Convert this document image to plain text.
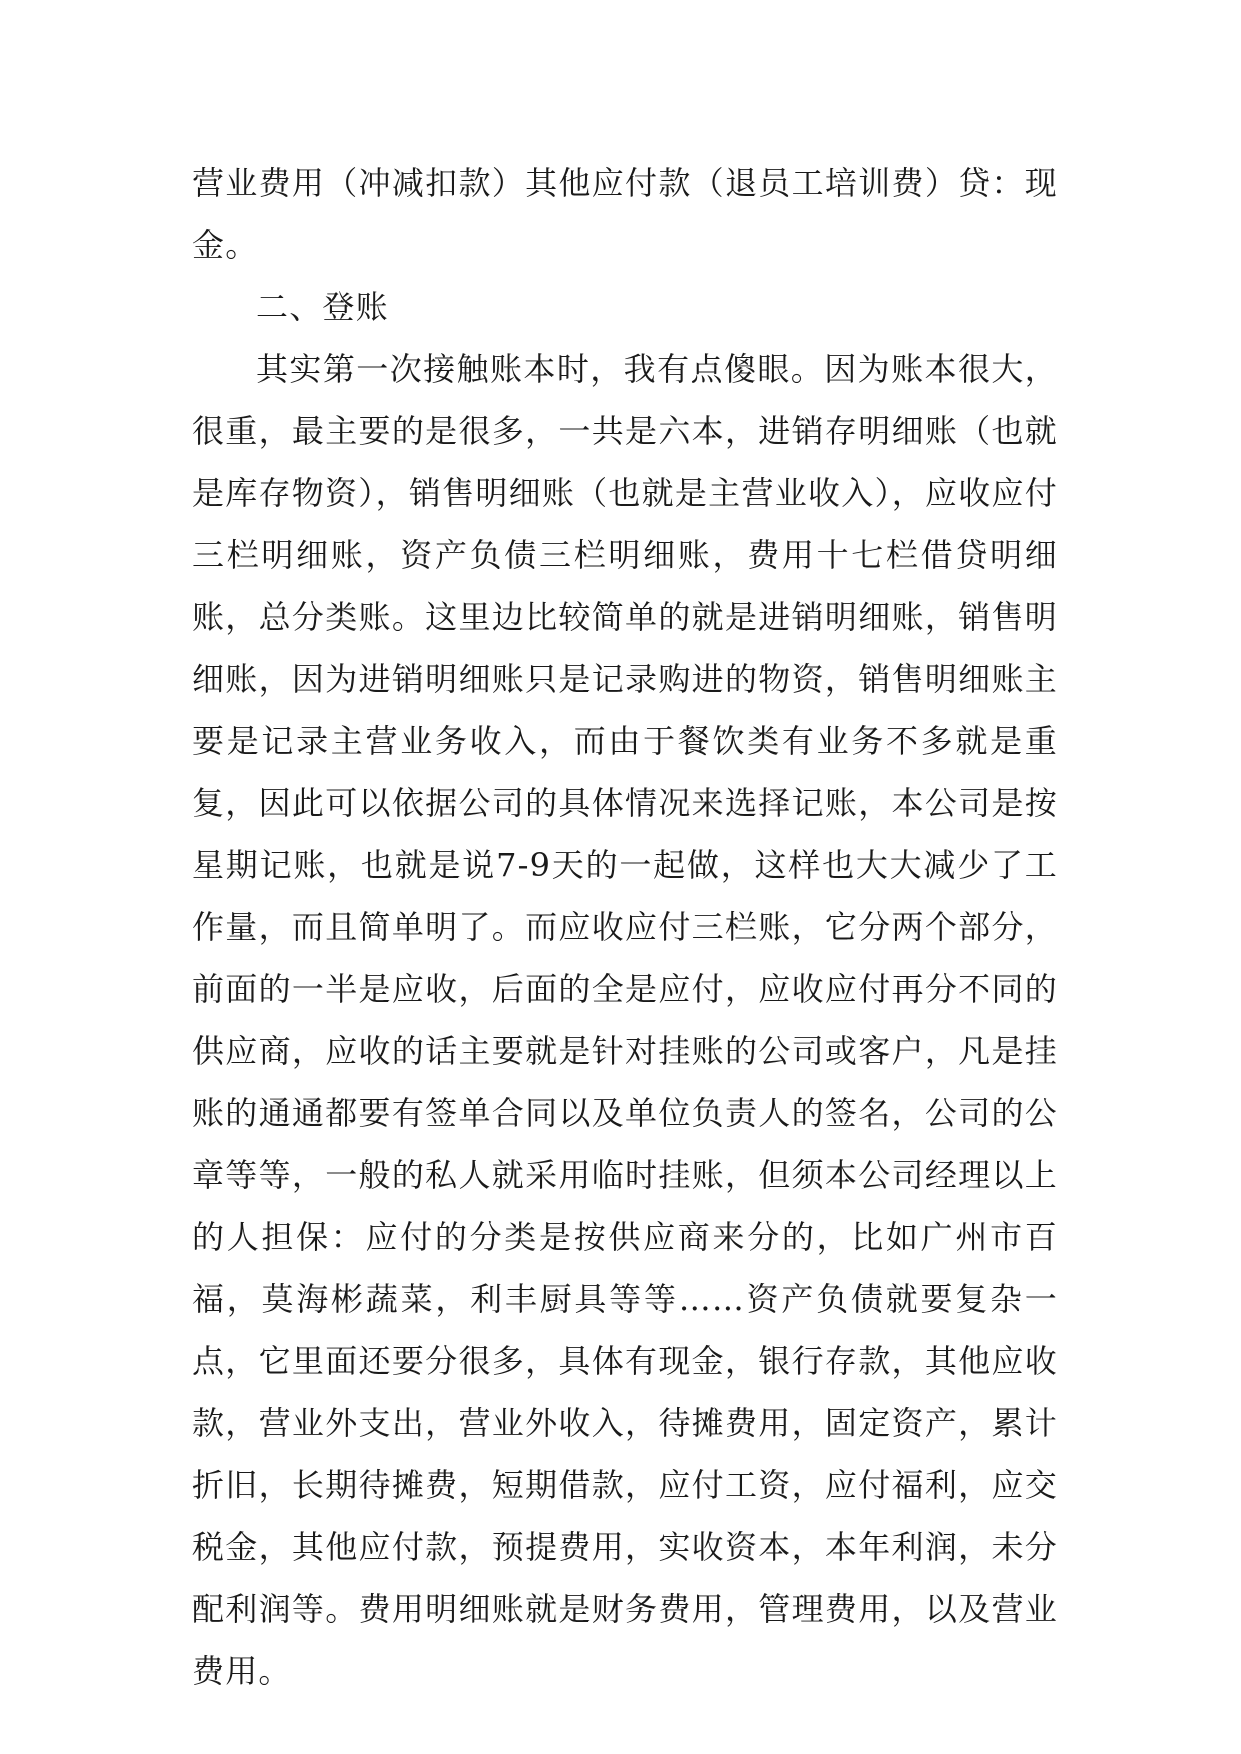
营业费用（冲减扣款）其他应付款（退员工培训费）贷：现金。

二、登账

其实第一次接触账本时，我有点傻眼。因为账本很大，很重，最主要的是很多，一共是六本，进销存明细账（也就是库存物资），销售明细账（也就是主营业收入），应收应付三栏明细账，资产负债三栏明细账，费用十七栏借贷明细账，总分类账。这里边比较简单的就是进销明细账，销售明细账，因为进销明细账只是记录购进的物资，销售明细账主要是记录主营业务收入，而由于餐饮类有业务不多就是重复，因此可以依据公司的具体情况来选择记账，本公司是按星期记账，也就是说7-9天的一起做，这样也大大减少了工作量，而且简单明了。而应收应付三栏账，它分两个部分，前面的一半是应收，后面的全是应付，应收应付再分不同的供应商，应收的话主要就是针对挂账的公司或客户，凡是挂账的通通都要有签单合同以及单位负责人的签名，公司的公章等等，一般的私人就采用临时挂账，但须本公司经理以上的人担保：应付的分类是按供应商来分的，比如广州市百福，莫海彬蔬菜，利丰厨具等等……资产负债就要复杂一点，它里面还要分很多，具体有现金，银行存款，其他应收款，营业外支出，营业外收入，待摊费用，固定资产，累计折旧，长期待摊费，短期借款，应付工资，应付福利，应交税金，其他应付款，预提费用，实收资本，本年利润，未分配利润等。费用明细账就是财务费用，管理费用，以及营业费用。
